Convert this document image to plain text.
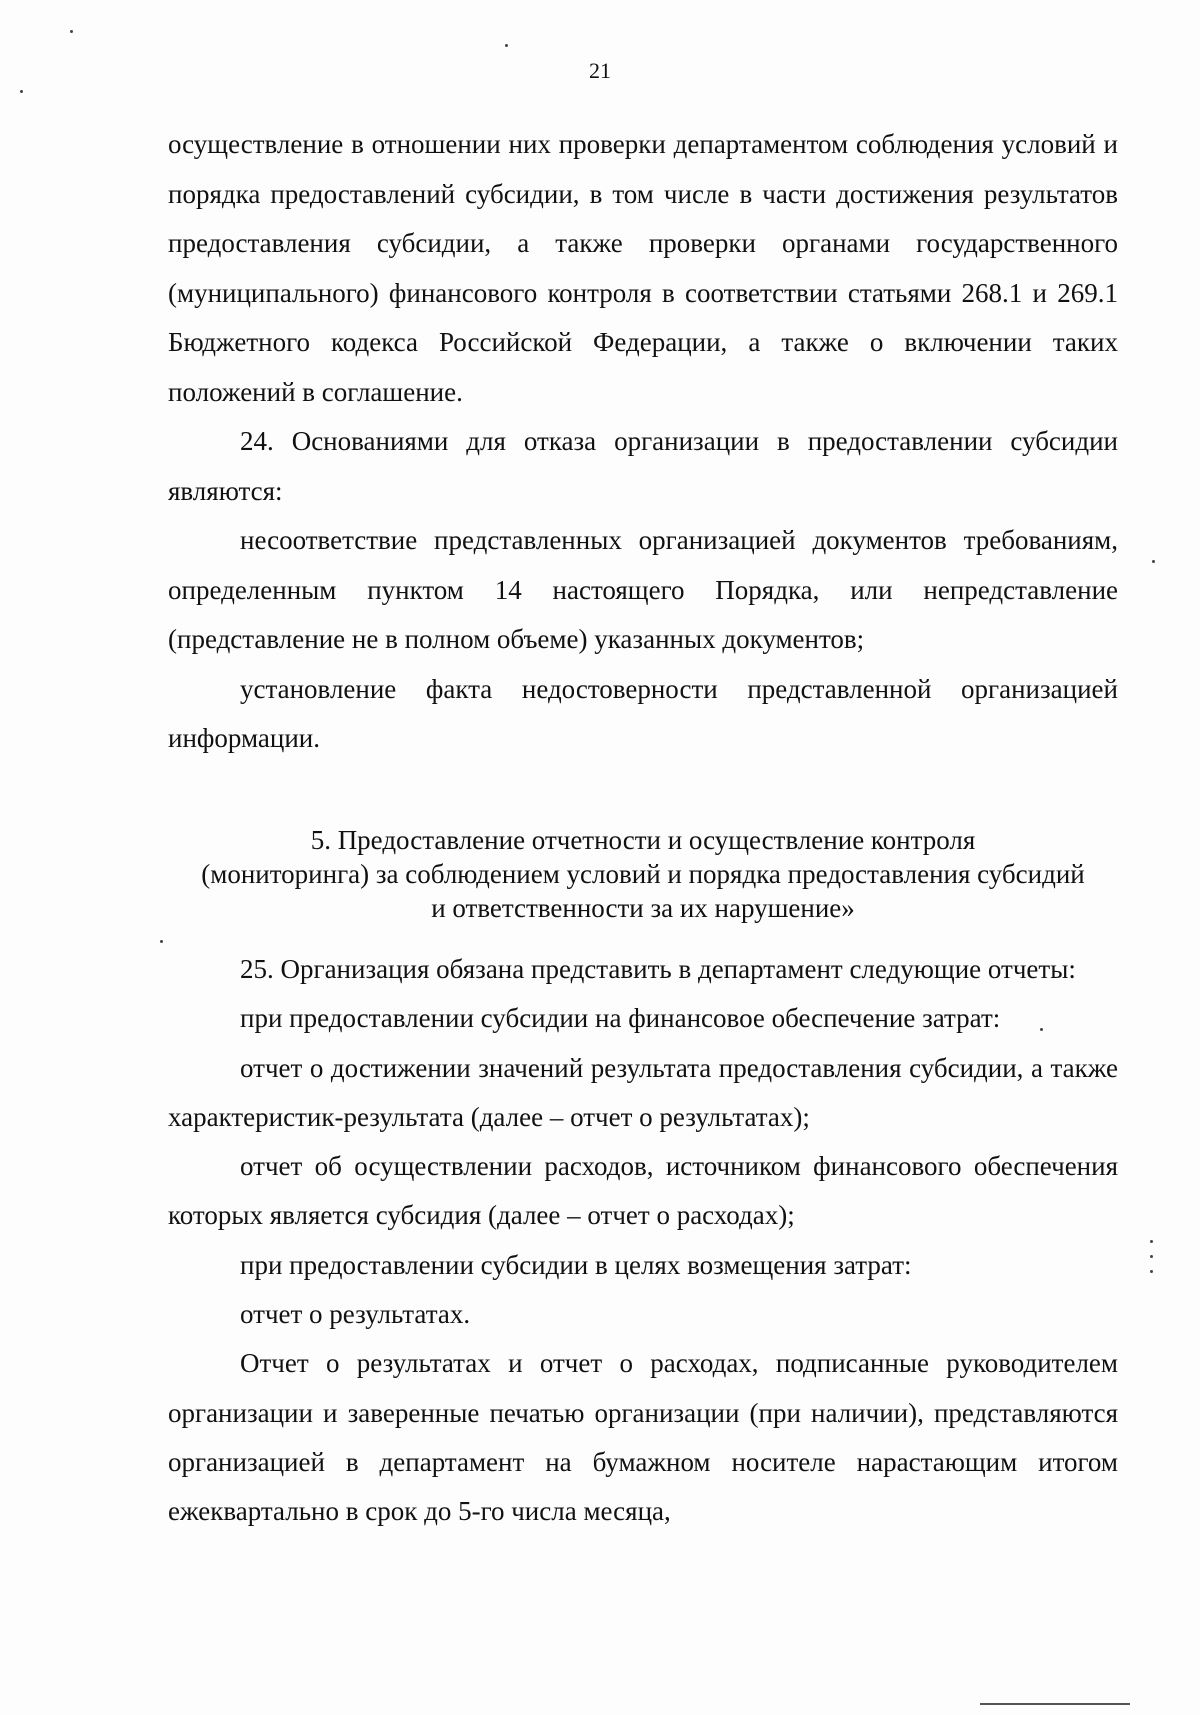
21

осуществление в отношении них проверки департаментом соблюдения условий и порядка предоставлений субсидии, в том числе в части достижения результатов предоставления субсидии, а также проверки органами государственного (муниципального) финансового контроля в соответствии статьями 268.1 и 269.1 Бюджетного кодекса Российской Федерации, а также о включении таких положений в соглашение.

24. Основаниями для отказа организации в предоставлении субсидии являются:

несоответствие представленных организацией документов требованиям, определенным пунктом 14 настоящего Порядка, или непредставление (представление не в полном объеме) указанных документов;

установление факта недостоверности представленной организацией информации.

5. Предоставление отчетности и осуществление контроля
(мониторинга) за соблюдением условий и порядка предоставления субсидий
и ответственности за их нарушение»

25. Организация обязана представить в департамент следующие отчеты:

при предоставлении субсидии на финансовое обеспечение затрат:

отчет о достижении значений результата предоставления субсидии, а также характеристик-результата (далее – отчет о результатах);

отчет об осуществлении расходов, источником финансового обеспечения которых является субсидия (далее – отчет о расходах);

при предоставлении субсидии в целях возмещения затрат:

отчет о результатах.

Отчет о результатах и отчет о расходах, подписанные руководителем организации и заверенные печатью организации (при наличии), представляются организацией в департамент на бумажном носителе нарастающим итогом ежеквартально в срок до 5-го числа месяца,
